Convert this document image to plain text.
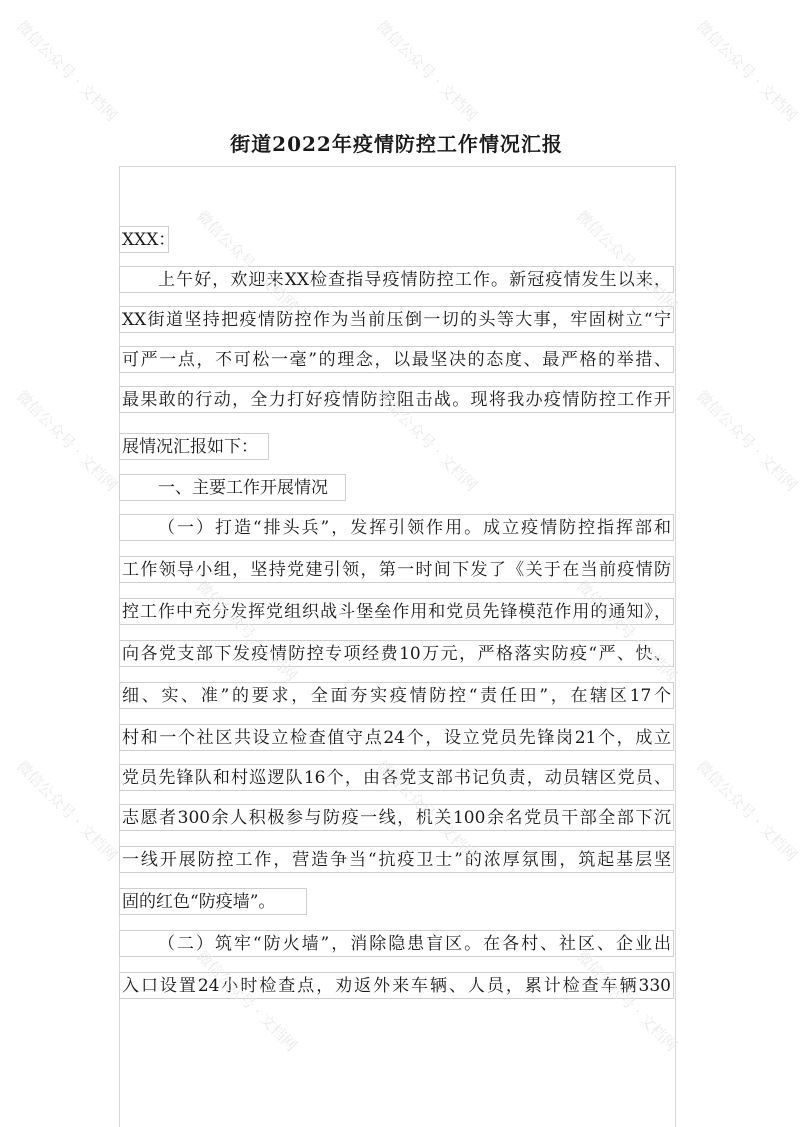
街道2022年疫情防控工作情况汇报
XXX：
上午好，欢迎来XX检查指导疫情防控工作。新冠疫情发生以来，
XX街道坚持把疫情防控作为当前压倒一切的头等大事，牢固树立“宁
可严一点，不可松一毫”的理念，以最坚决的态度、最严格的举措、
最果敢的行动，全力打好疫情防控阻击战。现将我办疫情防控工作开
展情况汇报如下：
一、主要工作开展情况
（一）打造“排头兵”，发挥引领作用。成立疫情防控指挥部和
工作领导小组，坚持党建引领，第一时间下发了《关于在当前疫情防
控工作中充分发挥党组织战斗堡垒作用和党员先锋模范作用的通知》，
向各党支部下发疫情防控专项经费10万元，严格落实防疫“严、快、
细、实、准”的要求，全面夯实疫情防控“责任田”，在辖区17个
村和一个社区共设立检查值守点24个，设立党员先锋岗21个，成立
党员先锋队和村巡逻队16个，由各党支部书记负责，动员辖区党员、
志愿者300余人积极参与防疫一线，机关100余名党员干部全部下沉
一线开展防控工作，营造争当“抗疫卫士”的浓厚氛围，筑起基层坚
固的红色“防疫墙”。
（二）筑牢“防火墙”，消除隐患盲区。在各村、社区、企业出
入口设置24小时检查点，劝返外来车辆、人员，累计检查车辆330
微信公众号 · 文档网	微信公众号 · 文档网	微信公众号 · 文档网
微信公众号 · 文档网	微信公众号 · 文档网
微信公众号 · 文档网	微信公众号 · 文档网	微信公众号 · 文档网
微信公众号 · 文档网	微信公众号 · 文档网
微信公众号 · 文档网	微信公众号 · 文档网	微信公众号 · 文档网
微信公众号 · 文档网	微信公众号 · 文档网
